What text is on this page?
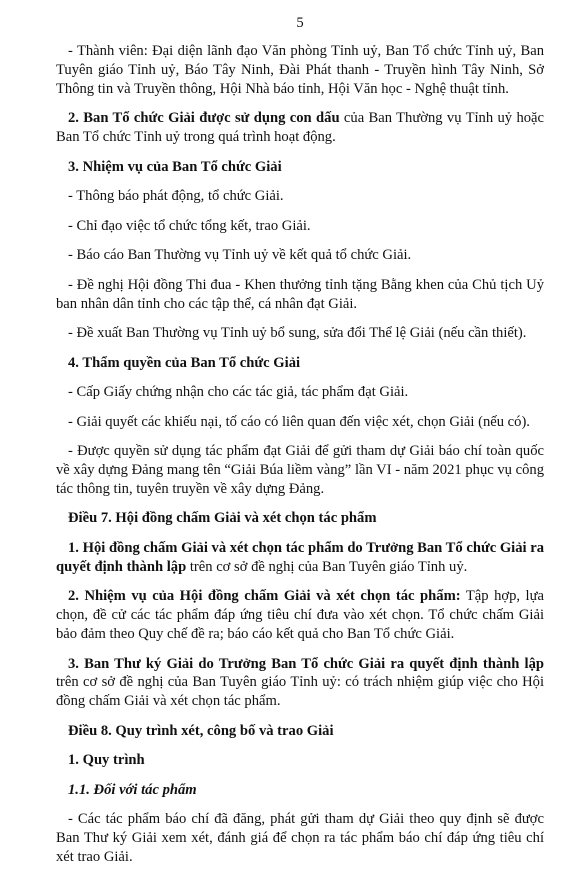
5

- Thành viên: Đại diện lãnh đạo Văn phòng Tỉnh uỷ, Ban Tổ chức Tỉnh uỷ, Ban Tuyên giáo Tỉnh uỷ, Báo Tây Ninh, Đài Phát thanh - Truyền hình Tây Ninh, Sở Thông tin và Truyền thông, Hội Nhà báo tỉnh, Hội Văn học - Nghệ thuật tỉnh.

2. Ban Tổ chức Giải được sử dụng con dấu của Ban Thường vụ Tỉnh uỷ hoặc Ban Tổ chức Tỉnh uỷ trong quá trình hoạt động.

3. Nhiệm vụ của Ban Tổ chức Giải

- Thông báo phát động, tổ chức Giải.

- Chỉ đạo việc tổ chức tổng kết, trao Giải.

- Báo cáo Ban Thường vụ Tỉnh uỷ về kết quả tổ chức Giải.

- Đề nghị Hội đồng Thi đua - Khen thưởng tỉnh tặng Bằng khen của Chủ tịch Uỷ ban nhân dân tỉnh cho các tập thể, cá nhân đạt Giải.

- Đề xuất Ban Thường vụ Tỉnh uỷ bổ sung, sửa đổi Thể lệ Giải (nếu cần thiết).

4. Thẩm quyền của Ban Tổ chức Giải

- Cấp Giấy chứng nhận cho các tác giả, tác phẩm đạt Giải.

- Giải quyết các khiếu nại, tố cáo có liên quan đến việc xét, chọn Giải (nếu có).

- Được quyền sử dụng tác phẩm đạt Giải để gửi tham dự Giải báo chí toàn quốc về xây dựng Đảng mang tên “Giải Búa liềm vàng” lần VI - năm 2021 phục vụ công tác thông tin, tuyên truyền về xây dựng Đảng.

Điều 7. Hội đồng chấm Giải và xét chọn tác phẩm

1. Hội đồng chấm Giải và xét chọn tác phẩm do Trưởng Ban Tổ chức Giải ra quyết định thành lập trên cơ sở đề nghị của Ban Tuyên giáo Tỉnh uỷ.

2. Nhiệm vụ của Hội đồng chấm Giải và xét chọn tác phẩm: Tập hợp, lựa chọn, đề cử các tác phẩm đáp ứng tiêu chí đưa vào xét chọn. Tổ chức chấm Giải bảo đảm theo Quy chế đề ra; báo cáo kết quả cho Ban Tổ chức Giải.

3. Ban Thư ký Giải do Trưởng Ban Tổ chức Giải ra quyết định thành lập trên cơ sở đề nghị của Ban Tuyên giáo Tỉnh uỷ: có trách nhiệm giúp việc cho Hội đồng chấm Giải và xét chọn tác phẩm.

Điều 8. Quy trình xét, công bố và trao Giải

1. Quy trình

1.1. Đối với tác phẩm

- Các tác phẩm báo chí đã đăng, phát gửi tham dự Giải theo quy định sẽ được Ban Thư ký Giải xem xét, đánh giá để chọn ra tác phẩm báo chí đáp ứng tiêu chí xét trao Giải.
